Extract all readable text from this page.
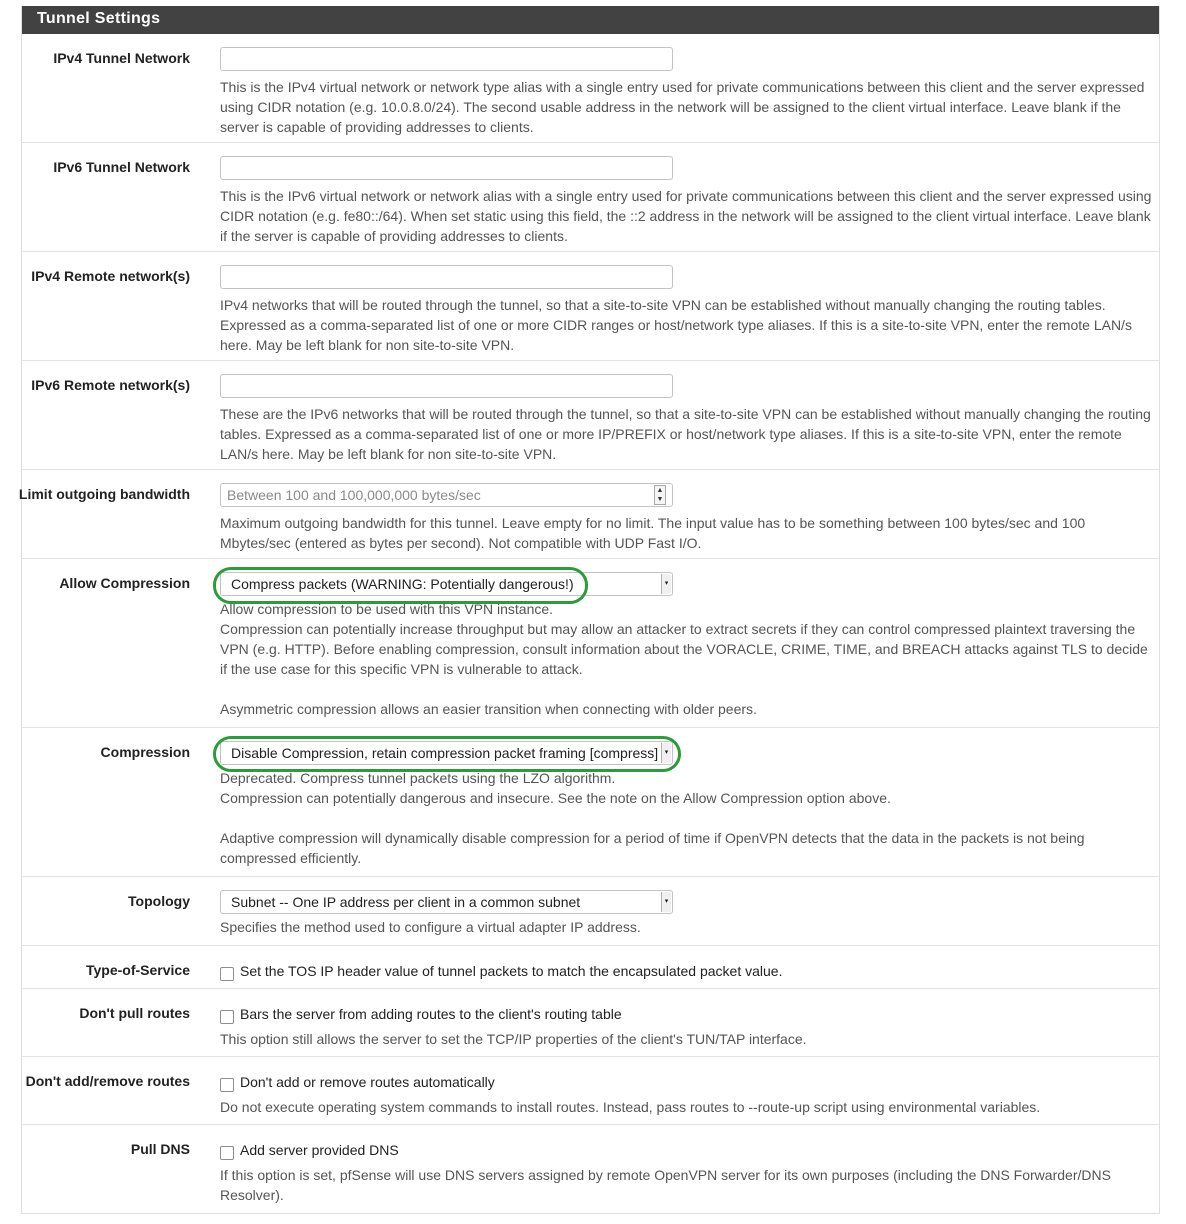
Tunnel Settings
IPv4 Tunnel Network
This is the IPv4 virtual network or network type alias with a single entry used for private communications between this client and the server expressed using CIDR notation (e.g. 10.0.8.0/24). The second usable address in the network will be assigned to the client virtual interface. Leave blank if the server is capable of providing addresses to clients.
IPv6 Tunnel Network
This is the IPv6 virtual network or network alias with a single entry used for private communications between this client and the server expressed using CIDR notation (e.g. fe80::/64). When set static using this field, the ::2 address in the network will be assigned to the client virtual interface. Leave blank if the server is capable of providing addresses to clients.
IPv4 Remote network(s)
IPv4 networks that will be routed through the tunnel, so that a site-to-site VPN can be established without manually changing the routing tables. Expressed as a comma-separated list of one or more CIDR ranges or host/network type aliases. If this is a site-to-site VPN, enter the remote LAN/s here. May be left blank for non site-to-site VPN.
IPv6 Remote network(s)
These are the IPv6 networks that will be routed through the tunnel, so that a site-to-site VPN can be established without manually changing the routing tables. Expressed as a comma-separated list of one or more IP/PREFIX or host/network type aliases. If this is a site-to-site VPN, enter the remote LAN/s here. May be left blank for non site-to-site VPN.
Limit outgoing bandwidth	Between 100 and 100,000,000 bytes/sec	▲
▼
Maximum outgoing bandwidth for this tunnel. Leave empty for no limit. The input value has to be something between 100 bytes/sec and 100 Mbytes/sec (entered as bytes per second). Not compatible with UDP Fast I/O.
Allow Compression	Compress packets (WARNING: Potentially dangerous!)	▾

Allow compression to be used with this VPN instance.

Compression can potentially increase throughput but may allow an attacker to extract secrets if they can control compressed plaintext traversing the VPN (e.g. HTTP). Before enabling compression, consult information about the VORACLE, CRIME, TIME, and BREACH attacks against TLS to decide if the use case for this specific VPN is vulnerable to attack.

Asymmetric compression allows an easier transition when connecting with older peers.

Compression	Disable Compression, retain compression packet framing [compress] ▾

Deprecated. Compress tunnel packets using the LZO algorithm.

Compression can potentially dangerous and insecure. See the note on the Allow Compression option above.

Adaptive compression will dynamically disable compression for a period of time if OpenVPN detects that the data in the packets is not being compressed efficiently.

Topology	Subnet -- One IP address per client in a common subnet	▾
Specifies the method used to configure a virtual adapter IP address.
Type-of-Service	Set the TOS IP header value of tunnel packets to match the encapsulated packet value.
Don't pull routes	Bars the server from adding routes to the client's routing table
This option still allows the server to set the TCP/IP properties of the client's TUN/TAP interface.
Don't add/remove routes	Don't add or remove routes automatically
Do not execute operating system commands to install routes. Instead, pass routes to --route-up script using environmental variables.
Pull DNS	Add server provided DNS
If this option is set, pfSense will use DNS servers assigned by remote OpenVPN server for its own purposes (including the DNS Forwarder/DNS Resolver).
